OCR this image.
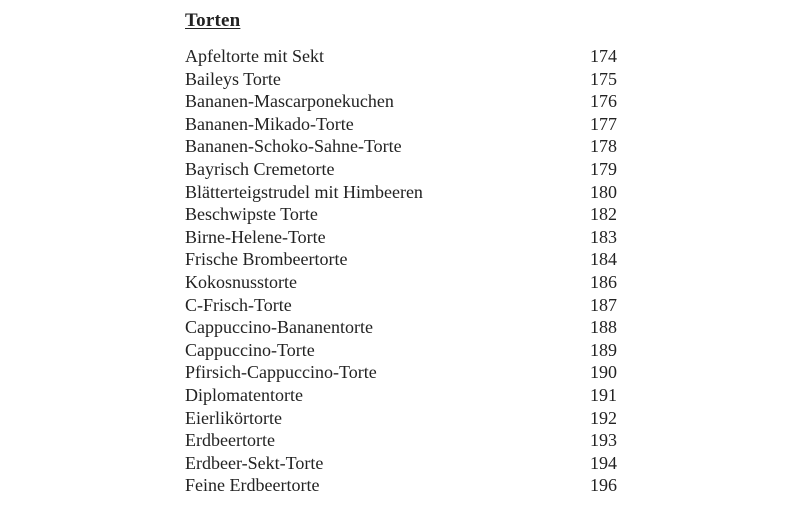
Torten
Apfeltorte mit Sekt	174
Baileys Torte	175
Bananen-Mascarponekuchen	176
Bananen-Mikado-Torte	177
Bananen-Schoko-Sahne-Torte	178
Bayrisch Cremetorte	179
Blätterteigstrudel mit Himbeeren	180
Beschwipste Torte	182
Birne-Helene-Torte	183
Frische Brombeertorte	184
Kokosnusstorte	186
C-Frisch-Torte	187
Cappuccino-Bananentorte	188
Cappuccino-Torte	189
Pfirsich-Cappuccino-Torte	190
Diplomatentorte	191
Eierlikörtorte	192
Erdbeertorte	193
Erdbeer-Sekt-Torte	194
Feine Erdbeertorte	196
